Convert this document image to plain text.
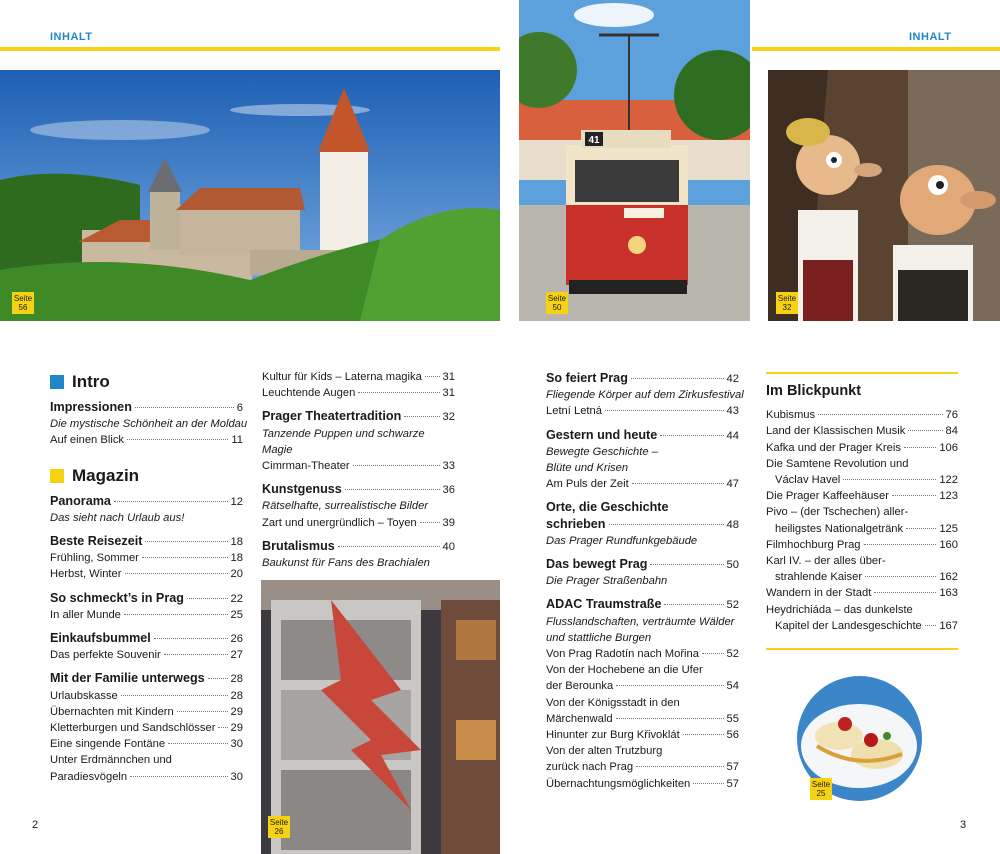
INHALT	INHALT
Seite
56
41
Seite
50
Seite
32
Intro
Impressionen	6
Die mystische Schönheit an der Moldau
Auf einen Blick	11
Magazin
Panorama	12
Das sieht nach Urlaub aus!
Beste Reisezeit	18
Frühling, Sommer	18
Herbst, Winter	20
So schmeckt’s in Prag	22
In aller Munde	25
Einkaufsbummel	26
Das perfekte Souvenir	27
Mit der Familie unterwegs 28
Urlaubskasse	28
Übernachten mit Kindern	29
Kletterburgen und Sandschlösser 29
Eine singende Fontäne	30
Unter Erdmännchen und
Paradiesvögeln	30
Kultur für Kids – Laterna magika 31
Leuchtende Augen	31
Prager Theatertradition	32
Tanzende Puppen und schwarze Magie
Cimrman-Theater	33
Kunstgenuss	36
Rätselhafte, surrealistische Bilder
Zart und unergründlich – Toyen 39
Brutalismus	40
Baukunst für Fans des Brachialen
Seite
26
So feiert Prag	42
Fliegende Körper auf dem Zirkusfestival
Letní Letná	43
Gestern und heute	44
Bewegte Geschichte –
Blüte und Krisen
Am Puls der Zeit	47
Orte, die Geschichte
schrieben	48
Das Prager Rundfunkgebäude
Das bewegt Prag	50
Die Prager Straßenbahn
ADAC Traumstraße	52
Flusslandschaften, verträumte Wälder
und stattliche Burgen
Von Prag Radotín nach Mořina 52
Von der Hochebene an die Ufer
der Berounka	54
Von der Königsstadt in den
Märchenwald	55
Hinunter zur Burg Křivoklát	56
Von der alten Trutzburg
zurück nach Prag	57
Übernachtungsmöglichkeiten	57
Im Blickpunkt
Kubismus	76
Land der Klassischen Musik	84
Kafka und der Prager Kreis	106
Die Samtene Revolution und
Václav Havel	122
Die Prager Kaffeehäuser	123
Pivo – (der Tschechen) aller-
heiligstes Nationalgetränk	125
Filmhochburg Prag	160
Karl IV. – der alles über-
strahlende Kaiser	162
Wandern in der Stadt	163
Heydrichiáda – das dunkelste
Kapitel der Landesgeschichte 167
Seite
25
2	3
